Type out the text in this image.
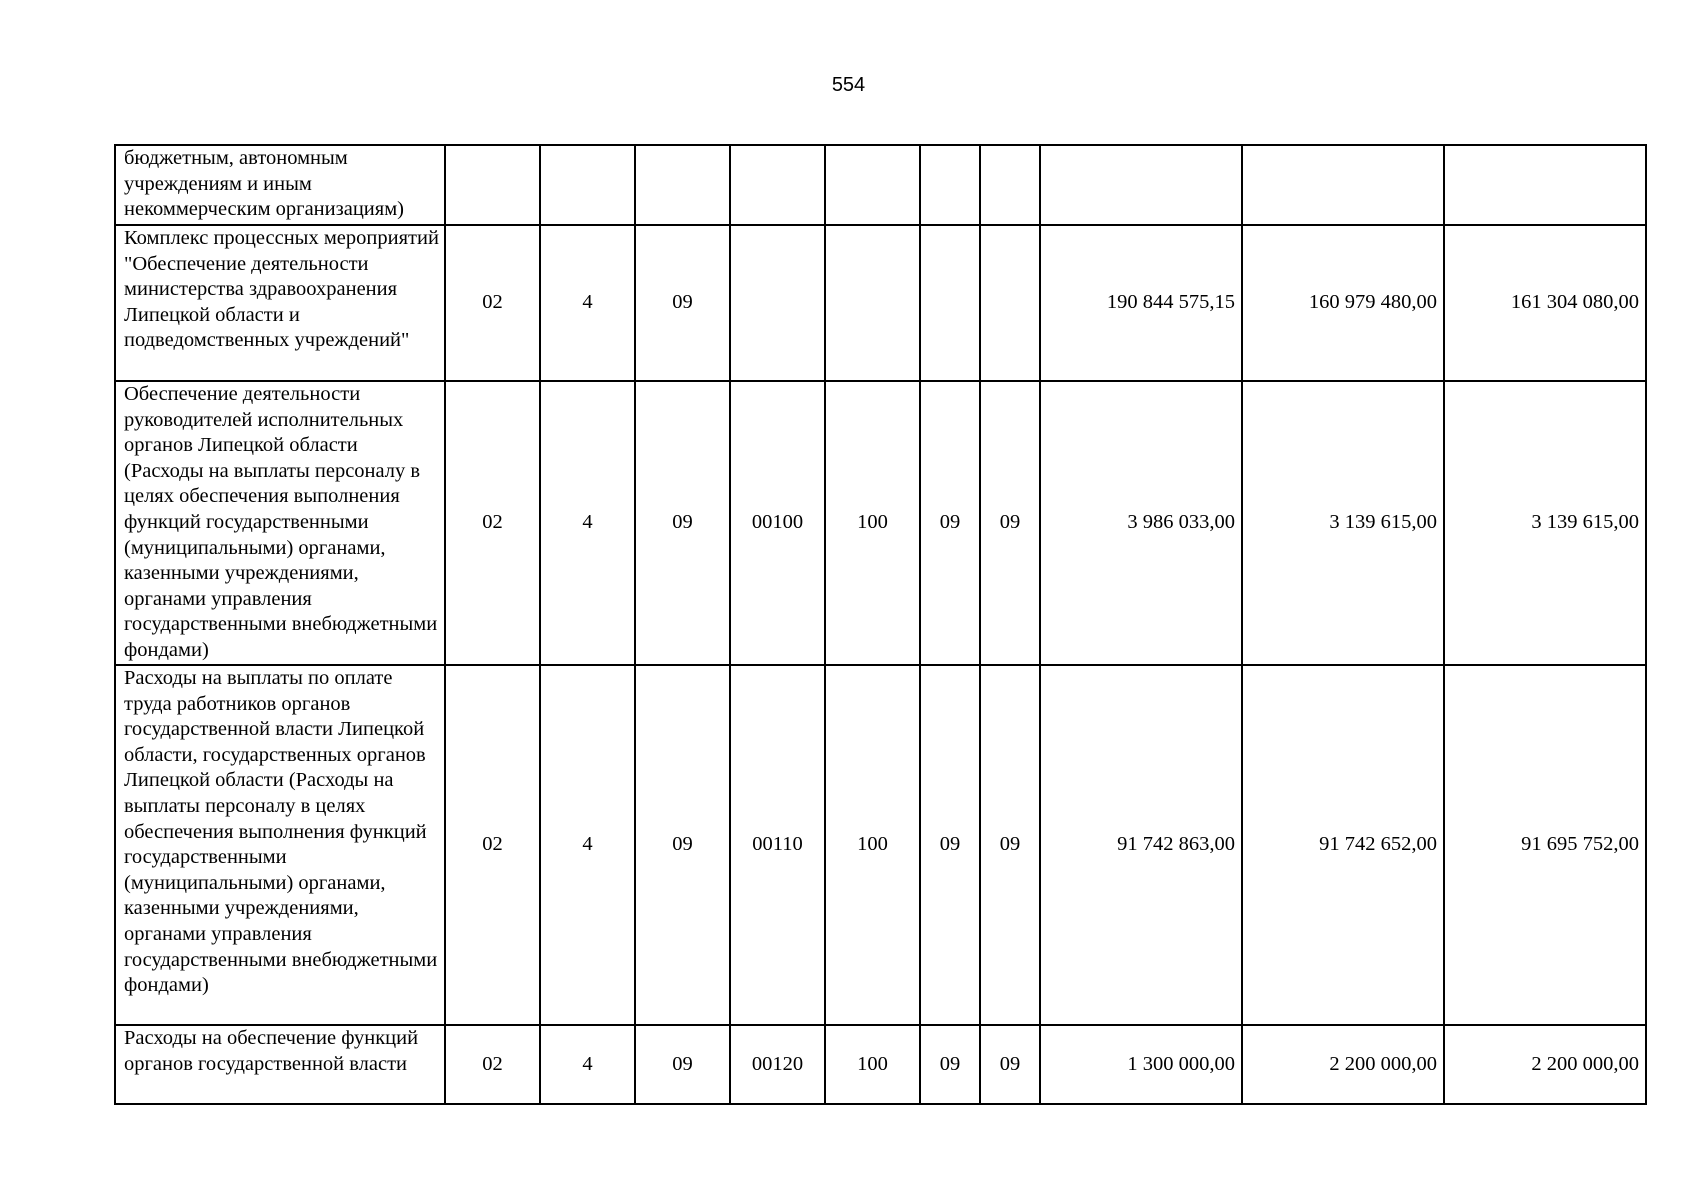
554
бюджетным, автономным учреждениям и иным некоммерческим организациям)										
Комплекс процессных мероприятий "Обеспечение деятельности министерства здравоохранения Липецкой области и подведомственных учреждений"	02	4	09					190 844 575,15	160 979 480,00	161 304 080,00
Обеспечение деятельности руководителей исполнительных органов Липецкой области (Расходы на выплаты персоналу в целях обеспечения выполнения функций государственными (муниципальными) органами, казенными учреждениями, органами управления государственными внебюджетными фондами)	02	4	09	00100	100	09	09	3 986 033,00	3 139 615,00	3 139 615,00
Расходы на выплаты по оплате труда работников органов государственной власти Липецкой области, государственных органов Липецкой области (Расходы на выплаты персоналу в целях обеспечения выполнения функций государственными (муниципальными) органами, казенными учреждениями, органами управления государственными внебюджетными фондами)	02	4	09	00110	100	09	09	91 742 863,00	91 742 652,00	91 695 752,00
Расходы на обеспечение функций органов государственной власти	02	4	09	00120	100	09	09	1 300 000,00	2 200 000,00	2 200 000,00
